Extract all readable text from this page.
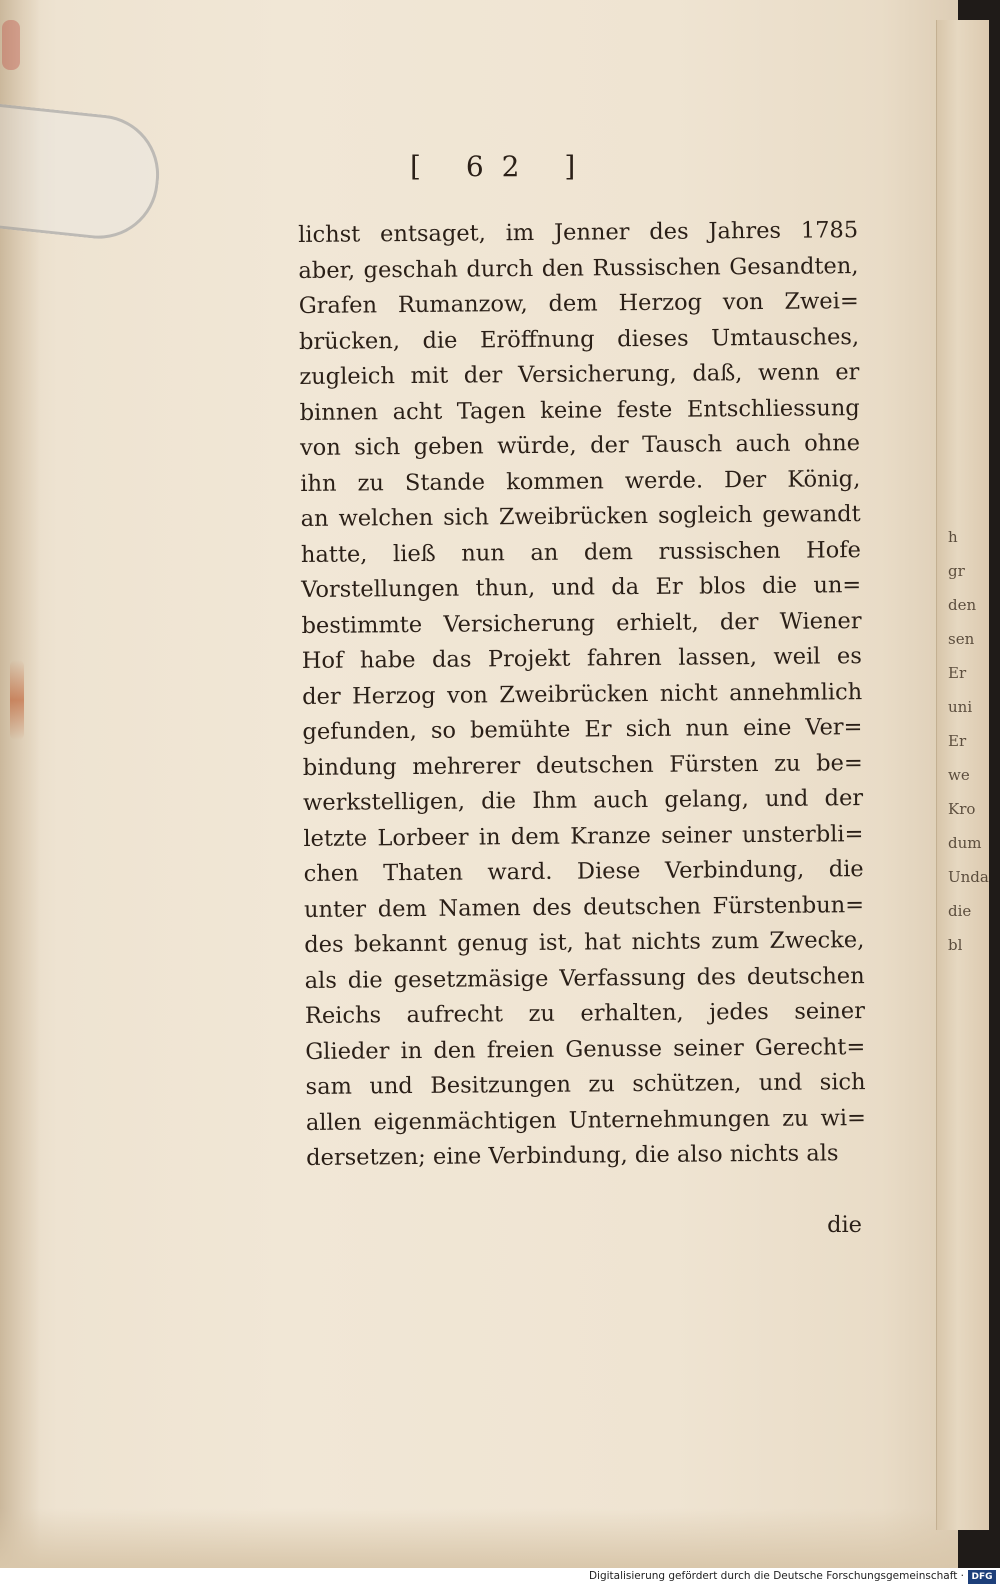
[ 62 ]
lichst entsaget, im Jenner des Jahres 1785
aber, geschah durch den Russischen Gesandten,
Grafen Rumanzow, dem Herzog von Zwei=
brücken, die Eröffnung dieses Umtausches,
zugleich mit der Versicherung, daß, wenn er
binnen acht Tagen keine feste Entschliessung
von sich geben würde, der Tausch auch ohne
ihn zu Stande kommen werde. Der König,
an welchen sich Zweibrücken sogleich gewandt
hatte, ließ nun an dem russischen Hofe
Vorstellungen thun, und da Er blos die un=
bestimmte Versicherung erhielt, der Wiener
Hof habe das Projekt fahren lassen, weil es
der Herzog von Zweibrücken nicht annehmlich
gefunden, so bemühte Er sich nun eine Ver=
bindung mehrerer deutschen Fürsten zu be=
werkstelligen, die Ihm auch gelang, und der
letzte Lorbeer in dem Kranze seiner unsterbli=
chen Thaten ward. Diese Verbindung, die
unter dem Namen des deutschen Fürstenbun=
des bekannt genug ist, hat nichts zum Zwecke,
als die gesetzmäsige Verfassung des deutschen
Reichs aufrecht zu erhalten, jedes seiner
Glieder in den freien Genusse seiner Gerecht=
sam und Besitzungen zu schützen, und sich
allen eigenmächtigen Unternehmungen zu wi=
dersetzen; eine Verbindung, die also nichts als
die
h
gr
den
sen
Er
uni
Er
we
Kro
dum
Unda
die bl
Digitalisierung gefördert durch die Deutsche Forschungsgemeinschaft · DFG
